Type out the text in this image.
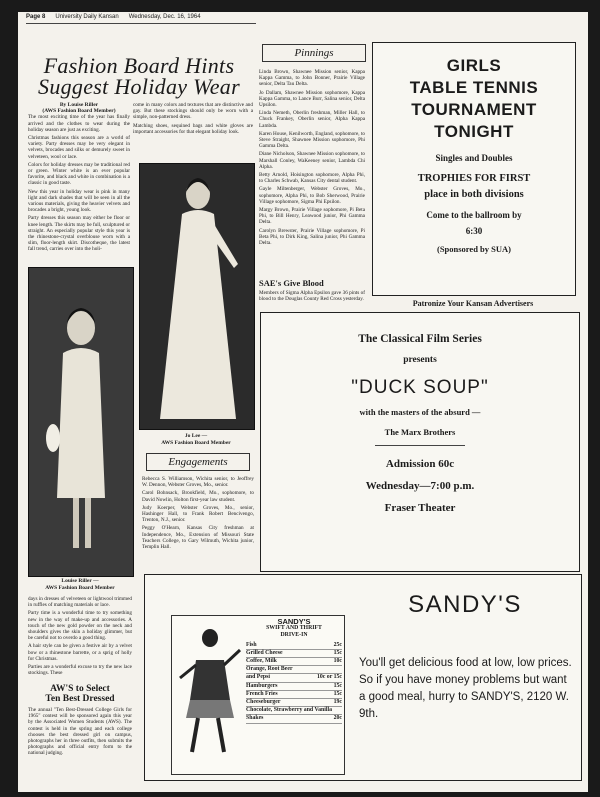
Page 8 University Daily Kansan Wednesday, Dec. 16, 1964
Fashion Board Hints
Suggest Holiday Wear
By Louise Riller
(AWS Fashion Board Member)

The most exciting time of the year has finally arrived and the clothes to wear during the holiday season are just as exciting.

Christmas fashions this season are a world of variety. Party dresses may be very elegant in velvets, brocades and silks or demurely sweet in velveteen, wool or lace.

Colors for holiday dresses may be traditional red or green. Winter white is an ever popular favorite, and black and white in combination is a classic in good taste.

New this year in holiday wear is pink in many light and dark shades that will be seen in all the various materials, giving the heavier velvets and brocades a bright, young look.

Party dresses this season may either be floor or knee length. The skirts may be full, sculptured or straight. An especially popular style this year is the rhinestone-crystal overblouse worn with a slim, floor-length skirt. Discotheque, the latest fall trend, carries over into the holi-

come in many colors and textures that are distinctive and gay. But these stockings should only be worn with a simple, non-patterned dress.

Matching shoes, sequined bags and white gloves are important accessories for that elegant holiday look.

Louise Riller —
AWS Fashion Board Member
Jo Lee —
AWS Fashion Board Member

days in dresses of velveteen or lightwool trimmed in ruffles of matching materials or lace.

Party time is a wonderful time to try something new in the way of make-up and accessories. A touch of the new gold powder on the neck and shoulders gives the skin a holiday glimmer, but be careful not to overdo a good thing.

A hair style can be given a festive air by a velvet bow or a rhinestone barrette, or a sprig of holly for Christmas.

Parties are a wonderful excuse to try the new lace stockings. These

AW'S to Select
Ten Best Dressed
The annual "Ten Best-Dressed College Girls for 1965" contest will be sponsored again this year by the Associated Women Students (AWS). The contest is held in the spring and each college chooses the best dressed girl on campus, photographs her in three outfits, then submits the photographs and official entry form to the national judging.
Engagements

Rebecca S. Williamson, Wichita senior, to Jeoffrey W. Dennon, Webster Groves, Mo., senior.

Carol Bohnsack, Brookfield, Mo., sophomore, to David Nowlin, Holton first-year law student.

Judy Koerper, Webster Groves, Mo., senior, Hashinger Hall, to Frank Robert Bencivengo, Trenton, N.J., senior.

Peggy O'Hearn, Kansas City freshman at Independence, Mo., Extension of Missouri State Teachers College, to Gary Wilmuth, Wichita junior, Templin Hall.

Pinnings

Linda Brown, Shawnee Mission senior, Kappa Kappa Gamma, to John Bonner, Prairie Village senior, Delta Tau Delta.

Jo Dallam, Shawnee Mission sophomore, Kappa Kappa Gamma, to Lance Burr, Salina senior, Delta Upsilon.

Linda Nemeth, Oberlin freshman, Miller Hall, to Chuck Frankey, Oberlin senior, Alpha Kappa Lambda.

Karen House, Kenilworth, England, sophomore, to Steve Straight, Shawnee Mission sophomore, Phi Gamma Delta.

Diane Nicholson, Shawnee Mission sophomore, to Marshall Conley, WaKeeney senior, Lambda Chi Alpha.

Betty Arnold, Hoisington sophomore, Alpha Phi, to Charles Schwab, Kansas City dental student.

Gayle Miltenberger, Webster Groves, Mo., sophomore, Alpha Phi, to Bob Sherwood, Prairie Village sophomore, Sigma Phi Epsilon.

Margy Brown, Prairie Village sophomore, Pi Beta Phi, to Bill Henry, Leawood junior, Phi Gamma Delta.

Carolyn Brewster, Prairie Village sophomore, Pi Beta Phi, to Dirk King, Salina junior, Phi Gamma Delta.

SAE's Give Blood
Members of Sigma Alpha Epsilon gave 36 pints of blood to the Douglas County Red Cross yesterday.
GIRLS
TABLE TENNIS
TOURNAMENT
TONIGHT
Singles and Doubles
TROPHIES FOR FIRST
place in both divisions
Come to the ballroom by
6:30
(Sponsored by SUA)
Patronize Your Kansan Advertisers
The Classical Film Series
presents
"DUCK SOUP"
with the masters of the absurd —
The Marx Brothers
Admission 60c
Wednesday—7:00 p.m.
Fraser Theater
SANDY'S
SWIFT AND THRIFT
DRIVE-IN
Fish	25c
Grilled Cheese	15c
Coffee, Milk	10c
Orange, Root Beer
and Pepsi	10c or 15c
Hamburgers	15c
French Fries	15c
Cheeseburger	19c
Chocolate, Strawberry and Vanilla
Shakes	20c
SANDY'S
You'll get delicious food at low, low prices. So if you have money problems but want a good meal, hurry to SANDY'S, 2120 W. 9th.
